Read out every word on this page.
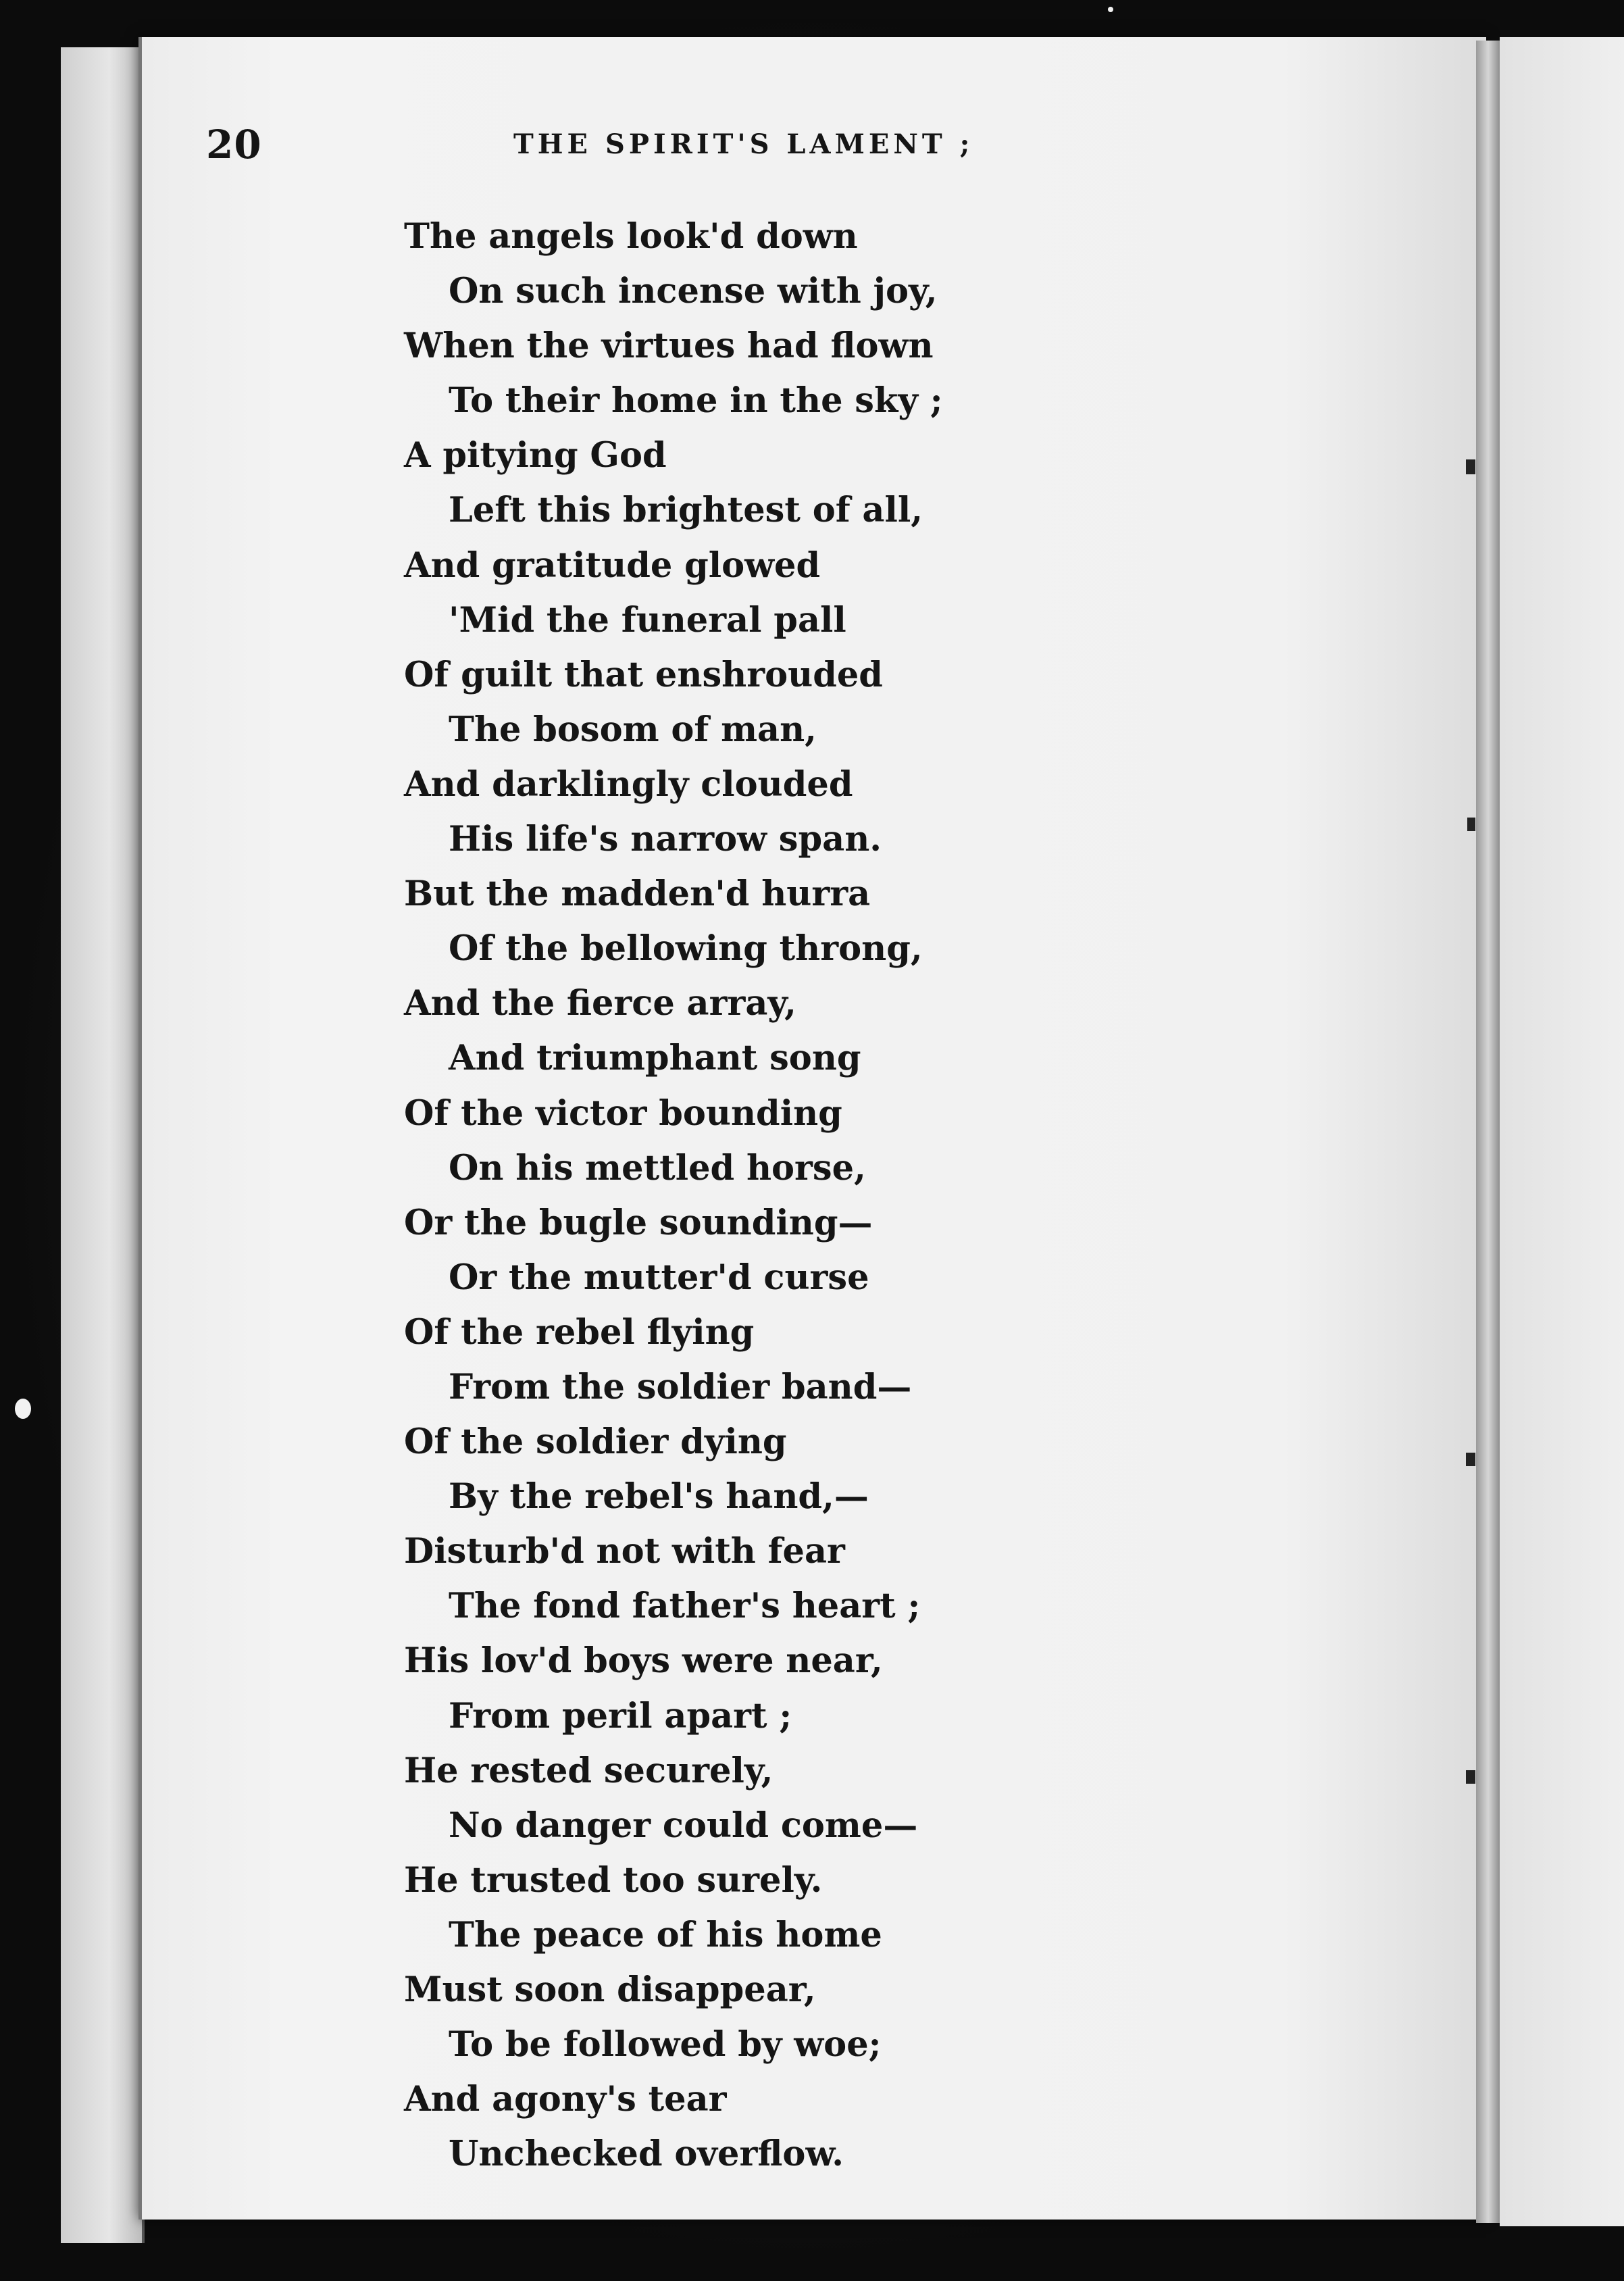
20	THE SPIRIT'S LAMENT ;
The angels look'd down
On such incense with joy,
When the virtues had flown
To their home in the sky ;
A pitying God
Left this brightest of all,
And gratitude glowed
'Mid the funeral pall
Of guilt that enshrouded
The bosom of man,
And darklingly clouded
His life's narrow span.
But the madden'd hurra
Of the bellowing throng,
And the fierce array,
And triumphant song
Of the victor bounding
On his mettled horse,
Or the bugle sounding—
Or the mutter'd curse
Of the rebel flying
From the soldier band—
Of the soldier dying
By the rebel's hand,—
Disturb'd not with fear
The fond father's heart ;
His lov'd boys were near,
From peril apart ;
He rested securely,
No danger could come—
He trusted too surely.
The peace of his home
Must soon disappear,
To be followed by woe;
And agony's tear
Unchecked overflow.
